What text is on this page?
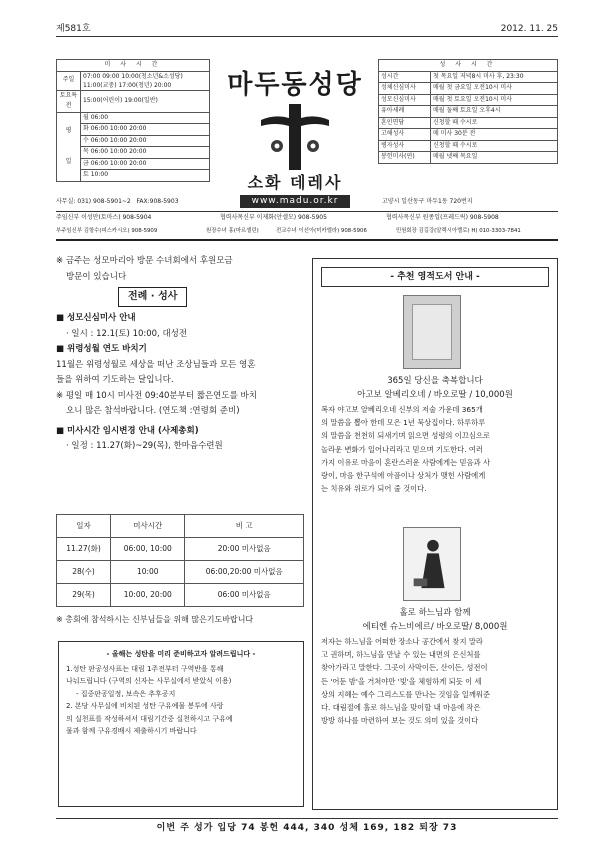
제581호	2012. 11. 25
미 사 시 간	
주일	07:00 09:00 10:00(청소년&소성당) 11:00(교중) 17:00(청년) 20:00
토요특전	15:00(어린이) 19:00(일반)
평

일	월 06:00
	화 06:00 10:00 20:00
	수 06:00 10:00 20:00
	목 06:00 10:00 20:00
	금 06:00 10:00 20:00
	토 10:00
마두동성당
소화 데레사
www.madu.or.kr
성 사 시 간	
성시간	첫 목요일 저녁8시 미사 후, 23:30
성체신심미사	매월 첫 금요일 오전10시 미사
성모신심미사	매월 첫 토요일 오전10시 미사
유아세례	매월 둘째 토요일 오후4시
혼인면담	신청할 때 수시로
고해성사	매 미사 30분 전
병자성사	신청할 때 수시로
봉헌미사(연)	매월 넷째 목요일
사무실: 031) 908-5901~2 FAX:908-5903	고양시 일산동구 마두1동 720번지
주임신부 이성만(토마스) 908-5904	협력사목신부 이제화(안셀모) 908-5905	협력사목신부 원종일(프레드릭) 908-5908
부주임신부 김항수(피스카시오) 908-5909	원장수녀 홍(마르셀린)	전교수녀 이선아(미카엘라) 908-5906	민원회장 김길강(알렉시아렐로) H) 010-3303-7841

※ 금주는 성모마리아 방문 수녀회에서 후원모금

방문이 있습니다

전례 · 성사

■ 성모신심미사 안내

· 일시 : 12.1(토) 10:00, 대성전

■ 위령성월 연도 바치기

11월은 위령성월로 세상을 떠난 조상님들과 모든 영혼

들을 위하여 기도하는 달입니다.

※ 평일 매 10시 미사전 09:40분부터 짧은연도를 바치

오니 많은 참석바랍니다. (연도책 :연령회 준비)

■ 미사시간 임시변경 안내 (사제총회)

· 일정 : 11.27(화)~29(목), 한마음수련원

일자	미사시간	비 고
11.27(화)	06:00, 10:00	20:00 미사없음
28(수)	10:00	06:00,20:00 미사없음
29(목)	10:00, 20:00	06:00 미사없음
※ 총회에 참석하시는 신부님들을 위해 많은기도바랍니다
- 올해는 성탄을 미리 준비하고자 알려드립니다 -

1.성탄 판공성사표는 대림 1주전부터 구역반을 통해

나눠드립니다 (구역의 신자는 사무실에서 받았식 이용)

- 집중판공일정, 보속은 추후공지

2. 본당 사무실에 비치된 성탄 구유예물 봉투에 사랑

의 실천표를 작성하셔서 대림기간중 실천하시고 구유예

물과 함께 구유경배시 제출하시기 바랍니다

- 추천 영적도서 안내 -
365일 당신을 축복합니다
아고보 알베리오네 / 바오로딸 / 10,000원
복자 야고보 알베리오네 신부의 저술 가운데 365개
의 말씀을 뽑아 한데 모은 1년 묵상집이다. 하루하루
의 말씀을 천천히 되새기며 읽으면 성령의 이끄심으로
놀라운 변화가 일어나리라고 믿으며 기도한다. 여러
가지 이유로 마음이 혼란스러운 사람에게는 믿음과 사
랑이, 마음 한구석에 아픔이나 상처가 맺힌 사람에게
는 치유와 위로가 되어 줄 것이다.
홀로 하느님과 함께
에티엔 슈느비에르/ 바오로딸/ 8,000원
저자는 하느님을 어떠한 장소나 공간에서 찾지 말라
고 권하며, 하느님을 만날 수 있는 내면의 은신처를
찾아가라고 말한다. 그곳이 사막이든, 산이든, 성전이
든 '어둔 밤'을 거쳐야만 '빛'을 체험하게 되듯 이 세
상의 지혜는 예수 그리스도를 만나는 것임을 일깨워준
다. 대림절에 홀로 하느님을 맞이할 내 마음에 작은
방방 하나를 마련하여 보는 것도 의미 있을 것이다
이번 주 성가 입당 74 봉헌 444, 340 성체 169, 182 퇴장 73
